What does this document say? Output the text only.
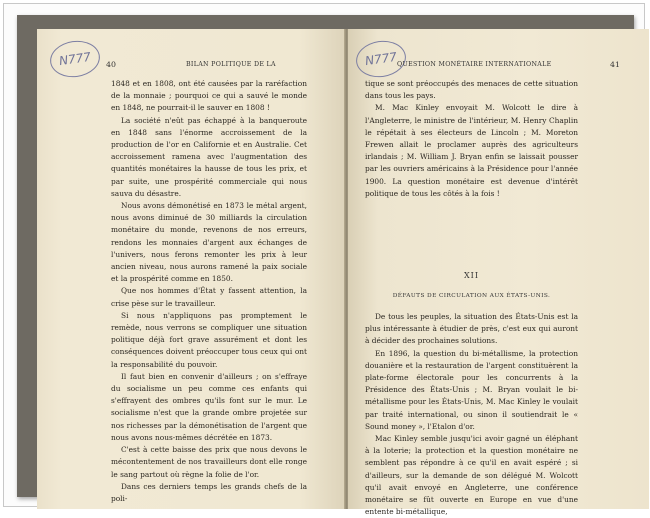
N777	40	BILAN POLITIQUE DE LA

1848 et en 1808, ont été causées par la raréfaction de la monnaie ; pourquoi ce qui a sauvé le monde en 1848, ne pourrait-il le sauver en 1808 !

La société n'eût pas échappé à la banqueroute en 1848 sans l'énorme accroissement de la production de l'or en Californie et en Australie. Cet accroissement ramena avec l'augmentation des quantités monétaires la hausse de tous les prix, et par suite, une prospérité commerciale qui nous sauva du désastre.

Nous avons démonétisé en 1873 le métal argent, nous avons diminué de 30 milliards la circulation monétaire du monde, revenons de nos erreurs, rendons les monnaies d'argent aux échanges de l'univers, nous ferons remonter les prix à leur ancien niveau, nous aurons ramené la paix sociale et la prospérité comme en 1850.

Que nos hommes d'État y fassent attention, la crise pèse sur le travailleur.

Si nous n'appliquons pas promptement le remède, nous verrons se compliquer une situation politique déjà fort grave assurément et dont les conséquences doivent préoccuper tous ceux qui ont la responsabilité du pouvoir.

Il faut bien en convenir d'ailleurs ; on s'effraye du socialisme un peu comme ces enfants qui s'effrayent des ombres qu'ils font sur le mur. Le socialisme n'est que la grande ombre projetée sur nos richesses par la démonétisation de l'argent que nous avons nous-mêmes décrétée en 1873.

C'est à cette baisse des prix que nous devons le mécontentement de nos travailleurs dont elle ronge le sang partout où règne la folie de l'or.

Dans ces derniers temps les grands chefs de la poli-

N777 QUESTION MONÉTAIRE INTERNATIONALE	41

tique se sont préoccupés des menaces de cette situation dans tous les pays.

M. Mac Kinley envoyait M. Wolcott le dire à l'Angleterre, le ministre de l'intérieur, M. Henry Chaplin le répétait à ses électeurs de Lincoln ; M. Moreton Frewen allait le proclamer auprès des agriculteurs irlandais ; M. William J. Bryan enfin se laissait pousser par les ouvriers américains à la Présidence pour l'année 1900. La question monétaire est devenue d'intérêt politique de tous les côtés à la fois !

XII
DÉFAUTS DE CIRCULATION AUX ÉTATS-UNIS.

De tous les peuples, la situation des États-Unis est la plus intéressante à étudier de près, c'est eux qui auront à décider des prochaines solutions.

En 1896, la question du bi-métallisme, la protection douanière et la restauration de l'argent constituèrent la plate-forme électorale pour les concurrents à la Présidence des États-Unis ; M. Bryan voulait le bi-métallisme pour les États-Unis, M. Mac Kinley le voulait par traité international, ou sinon il soutiendrait le « Sound money », l'Etalon d'or.

Mac Kinley semble jusqu'ici avoir gagné un éléphant à la loterie; la protection et la question monétaire ne semblent pas répondre à ce qu'il en avait espéré ; si d'ailleurs, sur la demande de son délégué M. Wolcott qu'il avait envoyé en Angleterre, une conférence monétaire se fût ouverte en Europe en vue d'une entente bi-métallique,
